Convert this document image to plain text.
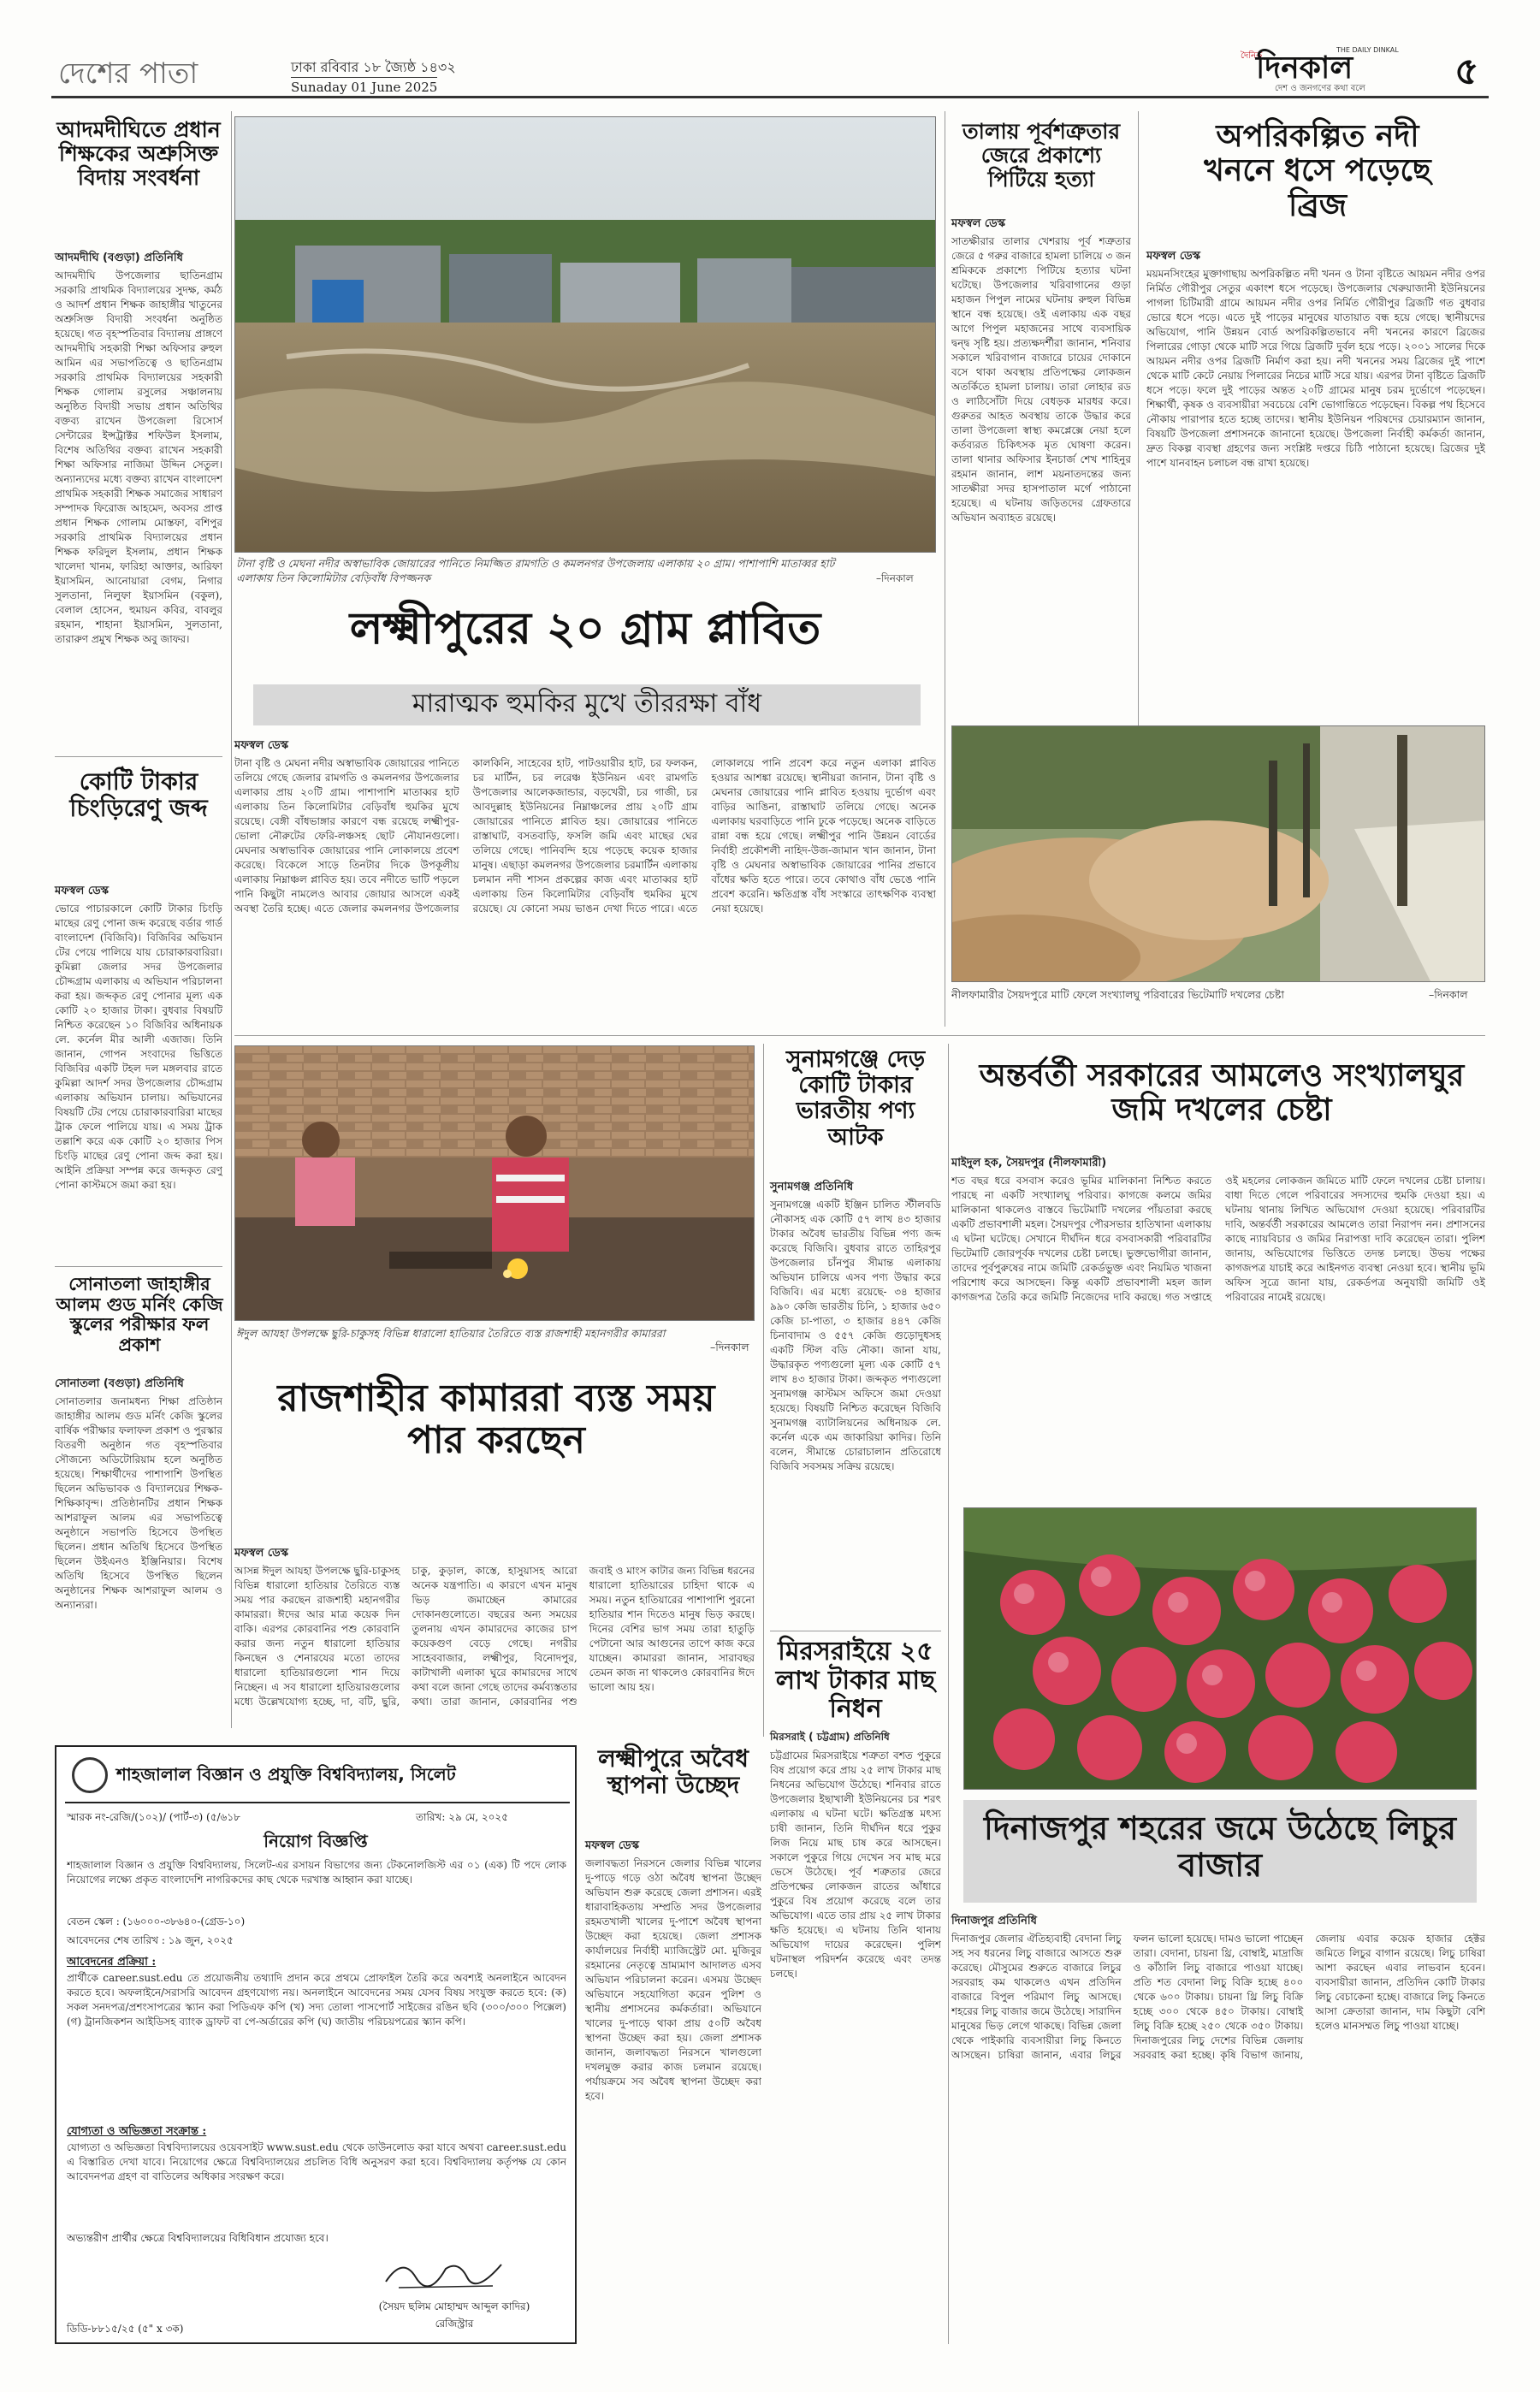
দেশের পাতা	ঢাকা রবিবার ১৮ জ্যৈষ্ঠ ১৪৩২
Sunaday 01 June 2025
THE DAILY DINKAL
দৈনিক
দিনকাল
দেশ ও জনগণের কথা বলে ৫
আদমদীঘিতে প্রধান শিক্ষকের অশ্রুসিক্ত বিদায় সংবর্ধনা
আদমদীঘি (বগুড়া) প্রতিনিধি
আদমদীঘি উপজেলার ছাতিনগ্রাম সরকারি প্রাথমিক বিদ্যালয়ের সুদক্ষ, কর্মঠ ও আদর্শ প্রধান শিক্ষক জাহাঙ্গীর খাতুনের অশ্রুসিক্ত বিদায়ী সংবর্ধনা অনুষ্ঠিত হয়েছে। গত বৃহস্পতিবার বিদ্যালয় প্রাঙ্গণে আদমদীঘি সহকারী শিক্ষা অফিসার রুহুল আমিন এর সভাপতিত্বে ও ছাতিনগ্রাম সরকারি প্রাথমিক বিদ্যালয়ের সহকারী শিক্ষক গোলাম রসুলের সঞ্চালনায় অনুষ্ঠিত বিদায়ী সভায় প্রধান অতিথির বক্তব্য রাখেন উপজেলা রিসোর্স সেন্টারের ইন্সট্রাক্টর শফিউল ইসলাম, বিশেষ অতিথির বক্তব্য রাখেন সহকারী শিক্ষা অফিসার নাজিমা উদ্দিন সেতুল। অন্যান্যদের মধ্যে বক্তব্য রাখেন বাংলাদেশ প্রাথমিক সহকারী শিক্ষক সমাজের সাধারণ সম্পাদক ফিরোজ আহমেদ, অবসর প্রাপ্ত প্রধান শিক্ষক গোলাম মোস্তফা, বশিপুর সরকারি প্রাথমিক বিদ্যালয়ের প্রধান শিক্ষক ফরিদুল ইসলাম, প্রধান শিক্ষক খালেদা খানম, ফারিহা আক্তার, আরিফা ইয়াসমিন, আনোয়ারা বেগম, নিগার সুলতানা, নিলুফা ইয়াসমিন (বকুল), বেলাল হোসেন, হুমায়ন কবির, বাবলুর রহমান, শাহানা ইয়াসমিন, সুলতানা, তারারুণ প্রমুখ শিক্ষক অবু জাফর।
কোটি টাকার চিংড়িরেণু জব্দ
মফস্বল ডেস্ক
ভোরে পাচারকালে কোটি টাকার চিংড়ি মাছের রেণু পোনা জব্দ করেছে বর্ডার গার্ড বাংলাদেশ (বিজিবি)। বিজিবির অভিযান টের পেয়ে পালিয়ে যায় চোরাকারবারিরা। কুমিল্লা জেলার সদর উপজেলার চৌদ্দগ্রাম এলাকায় এ অভিযান পরিচালনা করা হয়। জব্দকৃত রেণু পোনার মূল্য এক কোটি ২০ হাজার টাকা। বুধবার বিষয়টি নিশ্চিত করেছেন ১০ বিজিবির অধিনায়ক লে. কর্নেল মীর আলী এজাজ। তিনি জানান, গোপন সংবাদের ভিত্তিতে বিজিবির একটি টহল দল মঙ্গলবার রাতে কুমিল্লা আদর্শ সদর উপজেলার চৌদ্দগ্রাম এলাকায় অভিযান চালায়। অভিযানের বিষয়টি টের পেয়ে চোরাকারবারিরা মাছের ট্রাক ফেলে পালিয়ে যায়। এ সময় ট্রাক তল্লাশি করে এক কোটি ২০ হাজার পিস চিংড়ি মাছের রেণু পোনা জব্দ করা হয়। আইনি প্রক্রিয়া সম্পন্ন করে জব্দকৃত রেণু পোনা কাস্টমসে জমা করা হয়।
সোনাতলা জাহাঙ্গীর আলম গুড মর্নিং কেজি স্কুলের পরীক্ষার ফল প্রকাশ
সোনাতলা (বগুড়া) প্রতিনিধি
সোনাতলার জনামধন্য শিক্ষা প্রতিষ্ঠান জাহাঙ্গীর আলম গুড মর্নিং কেজি স্কুলের বার্ষিক পরীক্ষার ফলাফল প্রকাশ ও পুরস্কার বিতরণী অনুষ্ঠান গত বৃহস্পতিবার সৌজন্যে অডিটোরিয়াম হলে অনুষ্ঠিত হয়েছে। শিক্ষার্থীদের পাশাপাশি উপস্থিত ছিলেন অভিভাবক ও বিদ্যালয়ের শিক্ষক-শিক্ষিকাবৃন্দ। প্রতিষ্ঠানটির প্রধান শিক্ষক আশরাফুল আলম এর সভাপতিত্বে অনুষ্ঠানে সভাপতি হিসেবে উপস্থিত ছিলেন। প্রধান অতিথি হিসেবে উপস্থিত ছিলেন উইএনও ইঞ্জিনিয়ার। বিশেষ অতিথি হিসেবে উপস্থিত ছিলেন অনুষ্ঠানের শিক্ষক আশরাফুল আলম ও অন্যান্যরা।
টানা বৃষ্টি ও মেঘনা নদীর অস্বাভাবিক জোয়ারের পানিতে নিমজ্জিত রামগতি ও কমলনগর উপজেলায় এলাকায় ২০ গ্রাম। পাশাপাশি মাতাব্বর হাট এলাকায় তিন কিলোমিটার বেড়িবাঁধ বিপজ্জনক	–দিনকাল
লক্ষ্মীপুরের ২০ গ্রাম প্লাবিত
মারাত্মক হুমকির মুখে তীররক্ষা বাঁধ
মফস্বল ডেস্ক
টানা বৃষ্টি ও মেঘনা নদীর অস্বাভাবিক জোয়ারের পানিতে তলিয়ে গেছে জেলার রামগতি ও কমলনগর উপজেলার এলাকার প্রায় ২০টি গ্রাম। পাশাপাশি মাতাব্বর হাট এলাকায় তিন কিলোমিটার বেড়িবাঁধ হুমকির মুখে রয়েছে। বেঙ্গী বাঁধভাঙ্গার কারণে বন্ধ রয়েছে লক্ষ্মীপুর-ভোলা নৌরুটের ফেরি-লঞ্চসহ ছোট নৌযানগুলো। মেঘনার অস্বাভাবিক জোয়ারের পানি লোকালয়ে প্রবেশ করেছে। বিকেলে সাড়ে তিনটার দিকে উপকূলীয় এলাকায় নিম্নাঞ্চল প্লাবিত হয়। তবে নদীতে ভাটি পড়লে পানি কিছুটা নামলেও আবার জোয়ার আসলে একই অবস্থা তৈরি হচ্ছে। এতে জেলার কমলনগর উপজেলার কালকিনি, সাহেবের হাট, পাটওয়ারীর হাট, চর ফলকন, চর মার্টিন, চর লরেঞ্চ ইউনিয়ন এবং রামগতি উপজেলার আলেকজান্ডার, বড়খেরী, চর গাজী, চর আবদুল্লাহ ইউনিয়নের নিম্নাঞ্চলের প্রায় ২০টি গ্রাম জোয়ারের পানিতে প্লাবিত হয়। জোয়ারের পানিতে রাস্তাঘাট, বসতবাড়ি, ফসলি জমি এবং মাছের ঘের তলিয়ে গেছে। পানিবন্দি হয়ে পড়েছে কয়েক হাজার মানুষ। এছাড়া কমলনগর উপজেলার চরমার্টিন এলাকায় চলমান নদী শাসন প্রকল্পের কাজ এবং মাতাব্বর হাট এলাকায় তিন কিলোমিটার বেড়িবাঁধ হুমকির মুখে রয়েছে। যে কোনো সময় ভাঙন দেখা দিতে পারে। এতে লোকালয়ে পানি প্রবেশ করে নতুন এলাকা প্লাবিত হওয়ার আশঙ্কা রয়েছে। স্থানীয়রা জানান, টানা বৃষ্টি ও মেঘনার জোয়ারের পানি প্লাবিত হওয়ায় দুর্ভোগ এবং বাড়ির আঙিনা, রাস্তাঘাট তলিয়ে গেছে। অনেক এলাকায় ঘরবাড়িতে পানি ঢুকে পড়েছে। অনেক বাড়িতে রান্না বন্ধ হয়ে গেছে। লক্ষ্মীপুর পানি উন্নয়ন বোর্ডের নির্বাহী প্রকৌশলী নাহিদ-উজ-জামান খান জানান, টানা বৃষ্টি ও মেঘনার অস্বাভাবিক জোয়ারের পানির প্রভাবে বাঁধের ক্ষতি হতে পারে। তবে কোথাও বাঁধ ভেঙে পানি প্রবেশ করেনি। ক্ষতিগ্রস্ত বাঁধ সংস্কারে তাৎক্ষণিক ব্যবস্থা নেয়া হয়েছে।
তালায় পূর্বশত্রুতার জেরে প্রকাশ্যে পিটিয়ে হত্যা
মফস্বল ডেস্ক
সাতক্ষীরার তালার খেশরায় পূর্ব শত্রুতার জেরে ৫ গরুর বাজারে হামলা চালিয়ে ৩ জন শ্রমিককে প্রকাশ্যে পিটিয়ে হত্যার ঘটনা ঘটেছে। উপজেলার খরিবাগানের গুড়া মহাজন পিপুল নামের ঘটনায় রুহুল বিভিন্ন স্থানে বন্ধ হয়েছে। ওই এলাকায় এক বছর আগে পিপুল মহাজনের সাথে ব্যবসায়িক দ্বন্দ্ব সৃষ্টি হয়। প্রত্যক্ষদর্শীরা জানান, শনিবার সকালে খরিবাগান বাজারে চায়ের দোকানে বসে থাকা অবস্থায় প্রতিপক্ষের লোকজন অতর্কিতে হামলা চালায়। তারা লোহার রড ও লাঠিসোঁটা দিয়ে বেধড়ক মারধর করে। গুরুতর আহত অবস্থায় তাকে উদ্ধার করে তালা উপজেলা স্বাস্থ্য কমপ্লেক্সে নেয়া হলে কর্তব্যরত চিকিৎসক মৃত ঘোষণা করেন। তালা থানার অফিসার ইনচার্জ শেখ শাহিনুর রহমান জানান, লাশ ময়নাতদন্তের জন্য সাতক্ষীরা সদর হাসপাতাল মর্গে পাঠানো হয়েছে। এ ঘটনায় জড়িতদের গ্রেফতারে অভিযান অব্যাহত রয়েছে।
অপরিকল্পিত নদী খননে ধসে পড়েছে ব্রিজ
মফস্বল ডেস্ক
ময়মনসিংহের মুক্তাগাছায় অপরিকল্পিত নদী খনন ও টানা বৃষ্টিতে আয়মন নদীর ওপর নির্মিত গৌরীপুর সেতুর একাংশ ধসে পড়েছে। উপজেলার খেরুয়াজানী ইউনিয়নের পাগলা চিটিমারী গ্রামে আয়মন নদীর ওপর নির্মিত গৌরীপুর ব্রিজটি গত বুধবার ভোরে ধসে পড়ে। এতে দুই পাড়ের মানুষের যাতায়াত বন্ধ হয়ে গেছে। স্থানীয়দের অভিযোগ, পানি উন্নয়ন বোর্ড অপরিকল্পিতভাবে নদী খননের কারণে ব্রিজের পিলারের গোড়া থেকে মাটি সরে গিয়ে ব্রিজটি দুর্বল হয়ে পড়ে। ২০০১ সালের দিকে আয়মন নদীর ওপর ব্রিজটি নির্মাণ করা হয়। নদী খননের সময় ব্রিজের দুই পাশে থেকে মাটি কেটে নেয়ায় পিলারের নিচের মাটি সরে যায়। এরপর টানা বৃষ্টিতে ব্রিজটি ধসে পড়ে। ফলে দুই পাড়ের অন্তত ২০টি গ্রামের মানুষ চরম দুর্ভোগে পড়েছেন। শিক্ষার্থী, কৃষক ও ব্যবসায়ীরা সবচেয়ে বেশি ভোগান্তিতে পড়েছেন। বিকল্প পথ হিসেবে নৌকায় পারাপার হতে হচ্ছে তাদের। স্থানীয় ইউনিয়ন পরিষদের চেয়ারম্যান জানান, বিষয়টি উপজেলা প্রশাসনকে জানানো হয়েছে। উপজেলা নির্বাহী কর্মকর্তা জানান, দ্রুত বিকল্প ব্যবস্থা গ্রহণের জন্য সংশ্লিষ্ট দপ্তরে চিঠি পাঠানো হয়েছে। ব্রিজের দুই পাশে যানবাহন চলাচল বন্ধ রাখা হয়েছে।
নীলফামারীর সৈয়দপুরে মাটি ফেলে সংখ্যালঘু পরিবারের ভিটেমাটি দখলের চেষ্টা	–দিনকাল
ঈদুল আযহা উপলক্ষে ছুরি-চাকুসহ বিভিন্ন ধারালো হাতিয়ার তৈরিতে ব্যস্ত রাজশাহী মহানগরীর কামাররা
–দিনকাল
রাজশাহীর কামাররা ব্যস্ত সময় পার করছেন
মফস্বল ডেস্ক
আসন্ন ঈদুল আযহা উপলক্ষে ছুরি-চাকুসহ বিভিন্ন ধারালো হাতিয়ার তৈরিতে ব্যস্ত সময় পার করছেন রাজশাহী মহানগরীর কামাররা। ঈদের আর মাত্র কয়েক দিন বাকি। এরপর কোরবানির পশু কোরবানি করার জন্য নতুন ধারালো হাতিয়ার কিনছেন ও শেনারযের মতো তাদের ধারালো হাতিয়ারগুলো শান দিয়ে নিচ্ছেন। এ সব ধারালো হাতিয়ারগুলোর মধ্যে উল্লেখযোগ্য হচ্ছে, দা, বটি, ছুরি, চাকু, কুড়াল, কাস্তে, হাসুয়াসহ আরো অনেক যন্ত্রপাতি। এ কারণে এখন মানুষ ভিড় জমাচ্ছেন কামারের দোকানগুলোতে। বছরের অন্য সময়ের তুলনায় এখন কামারদের কাজের চাপ কয়েকগুণ বেড়ে গেছে। নগরীর সাহেববাজার, লক্ষ্মীপুর, বিনোদপুর, কাটাখালী এলাকা ঘুরে কামারদের সাথে কথা বলে জানা গেছে তাদের কর্মব্যস্ততার কথা। তারা জানান, কোরবানির পশু জবাই ও মাংস কাটার জন্য বিভিন্ন ধরনের ধারালো হাতিয়ারের চাহিদা থাকে এ সময়। নতুন হাতিয়ারের পাশাপাশি পুরনো হাতিয়ার শান দিতেও মানুষ ভিড় করছে। দিনের বেশির ভাগ সময় তারা হাতুড়ি পেটানো আর আগুনের তাপে কাজ করে যাচ্ছেন। কামাররা জানান, সারাবছর তেমন কাজ না থাকলেও কোরবানির ঈদে ভালো আয় হয়।
সুনামগঞ্জে দেড় কোটি টাকার ভারতীয় পণ্য আটক
সুনামগঞ্জ প্রতিনিধি
সুনামগঞ্জে একটি ইঞ্জিন চালিত স্টীলবডি নৌকাসহ এক কোটি ৫৭ লাখ ৪৩ হাজার টাকার অবৈধ ভারতীয় বিভিন্ন পণ্য জব্দ করেছে বিজিবি। বুধবার রাতে তাহিরপুর উপজেলার চাঁনপুর সীমান্ত এলাকায় অভিযান চালিয়ে এসব পণ্য উদ্ধার করে বিজিবি। এর মধ্যে রয়েছে- ৩৪ হাজার ৯৯০ কেজি ভারতীয় চিনি, ১ হাজার ৬৫০ কেজি চা-পাতা, ৩ হাজার ৪৪৭ কেজি চিনাবাদাম ও ৫৫৭ কেজি গুড়োদুধসহ একটি স্টিল বডি নৌকা। জানা যায়, উদ্ধারকৃত পণ্যগুলো মূল্য এক কোটি ৫৭ লাখ ৪৩ হাজার টাকা। জব্দকৃত পণ্যগুলো সুনামগঞ্জ কাস্টমস অফিসে জমা দেওয়া হয়েছে। বিষয়টি নিশ্চিত করেছেন বিজিবি সুনামগঞ্জ ব্যাটালিয়নের অধিনায়ক লে. কর্নেল একে এম জাকারিয়া কাদির। তিনি বলেন, সীমান্তে চোরাচালান প্রতিরোধে বিজিবি সবসময় সক্রিয় রয়েছে।
মিরসরাইয়ে ২৫ লাখ টাকার মাছ নিধন
মিরসরাই ( চট্টগ্রাম) প্রতিনিধি
চট্টগ্রামের মিরসরাইয়ে শত্রুতা বশত পুকুরে বিষ প্রয়োগ করে প্রায় ২৫ লাখ টাকার মাছ নিধনের অভিযোগ উঠেছে। শনিবার রাতে উপজেলার ইছাখালী ইউনিয়নের চর শরৎ এলাকায় এ ঘটনা ঘটে। ক্ষতিগ্রস্ত মৎস্য চাষী জানান, তিনি দীর্ঘদিন ধরে পুকুর লিজ নিয়ে মাছ চাষ করে আসছেন। সকালে পুকুরে গিয়ে দেখেন সব মাছ মরে ভেসে উঠেছে। পূর্ব শত্রুতার জেরে প্রতিপক্ষের লোকজন রাতের আঁধারে পুকুরে বিষ প্রয়োগ করেছে বলে তার অভিযোগ। এতে তার প্রায় ২৫ লাখ টাকার ক্ষতি হয়েছে। এ ঘটনায় তিনি থানায় অভিযোগ দায়ের করেছেন। পুলিশ ঘটনাস্থল পরিদর্শন করেছে এবং তদন্ত চলছে।
অন্তর্বর্তী সরকারের আমলেও সংখ্যালঘুর জমি দখলের চেষ্টা
মাইদুল হক, সৈয়দপুর (নীলফামারী)
শত বছর ধরে বসবাস করেও ভূমির মালিকানা নিশ্চিত করতে পারছে না একটি সংখ্যালঘু পরিবার। কাগজে কলমে জমির মালিকানা থাকলেও বাস্তবে ভিটেমাটি দখলের পাঁয়তারা করছে একটি প্রভাবশালী মহল। সৈয়দপুর পৌরসভার হাতিখানা এলাকায় এ ঘটনা ঘটেছে। সেখানে দীর্ঘদিন ধরে বসবাসকারী পরিবারটির ভিটেমাটি জোরপূর্বক দখলের চেষ্টা চলছে। ভুক্তভোগীরা জানান, তাদের পূর্বপুরুষের নামে জমিটি রেকর্ডভুক্ত এবং নিয়মিত খাজনা পরিশোধ করে আসছেন। কিন্তু একটি প্রভাবশালী মহল জাল কাগজপত্র তৈরি করে জমিটি নিজেদের দাবি করছে। গত সপ্তাহে ওই মহলের লোকজন জমিতে মাটি ফেলে দখলের চেষ্টা চালায়। বাধা দিতে গেলে পরিবারের সদস্যদের হুমকি দেওয়া হয়। এ ঘটনায় থানায় লিখিত অভিযোগ দেওয়া হয়েছে। পরিবারটির দাবি, অন্তর্বর্তী সরকারের আমলেও তারা নিরাপদ নন। প্রশাসনের কাছে ন্যায়বিচার ও জমির নিরাপত্তা দাবি করেছেন তারা। পুলিশ জানায়, অভিযোগের ভিত্তিতে তদন্ত চলছে। উভয় পক্ষের কাগজপত্র যাচাই করে আইনগত ব্যবস্থা নেওয়া হবে। স্থানীয় ভূমি অফিস সূত্রে জানা যায়, রেকর্ডপত্র অনুযায়ী জমিটি ওই পরিবারের নামেই রয়েছে।
দিনাজপুর শহরের জমে উঠেছে লিচুর বাজার
দিনাজপুর প্রতিনিধি
দিনাজপুর জেলার ঐতিহ্যবাহী বেদানা লিচু সহ সব ধরনের লিচু বাজারে আসতে শুরু করেছে। মৌসুমের শুরুতে বাজারে লিচুর সরবরাহ কম থাকলেও এখন প্রতিদিন বাজারে বিপুল পরিমাণ লিচু আসছে। শহরের লিচু বাজার জমে উঠেছে। সারাদিন মানুষের ভিড় লেগে থাকছে। বিভিন্ন জেলা থেকে পাইকারি ব্যবসায়ীরা লিচু কিনতে আসছেন। চাষিরা জানান, এবার লিচুর ফলন ভালো হয়েছে। দামও ভালো পাচ্ছেন তারা। বেদানা, চায়না থ্রি, বোম্বাই, মাদ্রাজি ও কাঁঠালি লিচু বাজারে পাওয়া যাচ্ছে। প্রতি শত বেদানা লিচু বিক্রি হচ্ছে ৪০০ থেকে ৬০০ টাকায়। চায়না থ্রি লিচু বিক্রি হচ্ছে ৩০০ থেকে ৪৫০ টাকায়। বোম্বাই লিচু বিক্রি হচ্ছে ২৫০ থেকে ৩৫০ টাকায়। দিনাজপুরের লিচু দেশের বিভিন্ন জেলায় সরবরাহ করা হচ্ছে। কৃষি বিভাগ জানায়, জেলায় এবার কয়েক হাজার হেক্টর জমিতে লিচুর বাগান রয়েছে। লিচু চাষিরা আশা করছেন এবার লাভবান হবেন। ব্যবসায়ীরা জানান, প্রতিদিন কোটি টাকার লিচু বেচাকেনা হচ্ছে। বাজারে লিচু কিনতে আসা ক্রেতারা জানান, দাম কিছুটা বেশি হলেও মানসম্মত লিচু পাওয়া যাচ্ছে।
লক্ষ্মীপুরে অবৈধ স্থাপনা উচ্ছেদ
মফস্বল ডেস্ক
জলাবদ্ধতা নিরসনে জেলার বিভিন্ন খালের দু-পাড়ে গড়ে ওঠা অবৈধ স্থাপনা উচ্ছেদ অভিযান শুরু করেছে জেলা প্রশাসন। এরই ধারাবাহিকতায় সম্প্রতি সদর উপজেলার রহমতখালী খালের দু-পাশে অবৈধ স্থাপনা উচ্ছেদ করা হয়েছে। জেলা প্রশাসক কার্যালয়ের নির্বাহী ম্যাজিস্ট্রেট মো. মুজিবুর রহমানের নেতৃত্বে ভ্রাম্যমাণ আদালত এসব অভিযান পরিচালনা করেন। এসময় উচ্ছেদ অভিযানে সহযোগিতা করেন পুলিশ ও স্থানীয় প্রশাসনের কর্মকর্তারা। অভিযানে খালের দু-পাড়ে থাকা প্রায় ৫০টি অবৈধ স্থাপনা উচ্ছেদ করা হয়। জেলা প্রশাসক জানান, জলাবদ্ধতা নিরসনে খালগুলো দখলমুক্ত করার কাজ চলমান রয়েছে। পর্যায়ক্রমে সব অবৈধ স্থাপনা উচ্ছেদ করা হবে।
শাহজালাল বিজ্ঞান ও প্রযুক্তি বিশ্ববিদ্যালয়, সিলেট
স্মারক নং-রেজি/(১০২)/ (পার্ট-৩) (৫/৬১৮	তারিখ: ২৯ মে, ২০২৫
নিয়োগ বিজ্ঞপ্তি
শাহজালাল বিজ্ঞান ও প্রযুক্তি বিশ্ববিদ্যালয়, সিলেট-এর রসায়ন বিভাগের জন্য টেকনোলজিস্ট এর ০১ (এক) টি পদে লোক নিয়োগের লক্ষ্যে প্রকৃত বাংলাদেশি নাগরিকদের কাছ থেকে দরখাস্ত আহ্বান করা যাচ্ছে।
বেতন স্কেল : (১৬০০০-৩৮৬৪০-(গ্রেড-১০)
আবেদনের শেষ তারিখ : ১৯ জুন, ২০২৫
আবেদনের প্রক্রিয়া :
প্রার্থীকে career.sust.edu তে প্রয়োজনীয় তথ্যাদি প্রদান করে প্রথমে প্রোফাইল তৈরি করে অবশ্যই অনলাইনে আবেদন করতে হবে। অফলাইনে/সরাসরি আবেদন গ্রহণযোগ্য নয়। অনলাইনে আবেদনের সময় যেসব বিষয় সংযুক্ত করতে হবে: (ক) সকল সনদপত্র/প্রশংসাপত্রের স্ক্যান করা পিডিএফ কপি (খ) সদ্য তোলা পাসপোর্ট সাইজের রঙিন ছবি (৩০০/৩০০ পিক্সেল) (গ) ট্রানজিকশন আইডিসহ ব্যাংক ড্রাফট বা পে-অর্ডারের কপি (ঘ) জাতীয় পরিচয়পত্রের স্ক্যান কপি।
যোগ্যতা ও অভিজ্ঞতা সংক্রান্ত :
যোগ্যতা ও অভিজ্ঞতা বিশ্ববিদ্যালয়ের ওয়েবসাইট www.sust.edu থেকে ডাউনলোড করা যাবে অথবা career.sust.edu এ বিস্তারিত দেখা যাবে। নিয়োগের ক্ষেত্রে বিশ্ববিদ্যালয়ের প্রচলিত বিধি অনুসরণ করা হবে। বিশ্ববিদ্যালয় কর্তৃপক্ষ যে কোন আবেদনপত্র গ্রহণ বা বাতিলের অধিকার সংরক্ষণ করে।
অভ্যন্তরীণ প্রার্থীর ক্ষেত্রে বিশ্ববিদ্যালয়ের বিধিবিধান প্রযোজ্য হবে।
(সৈয়দ ছলিম মোহাম্মদ আব্দুল কাদির)
রেজিস্ট্রার
ডিডি-৮৮১৫/২৫ (৫" x ৩ক)
